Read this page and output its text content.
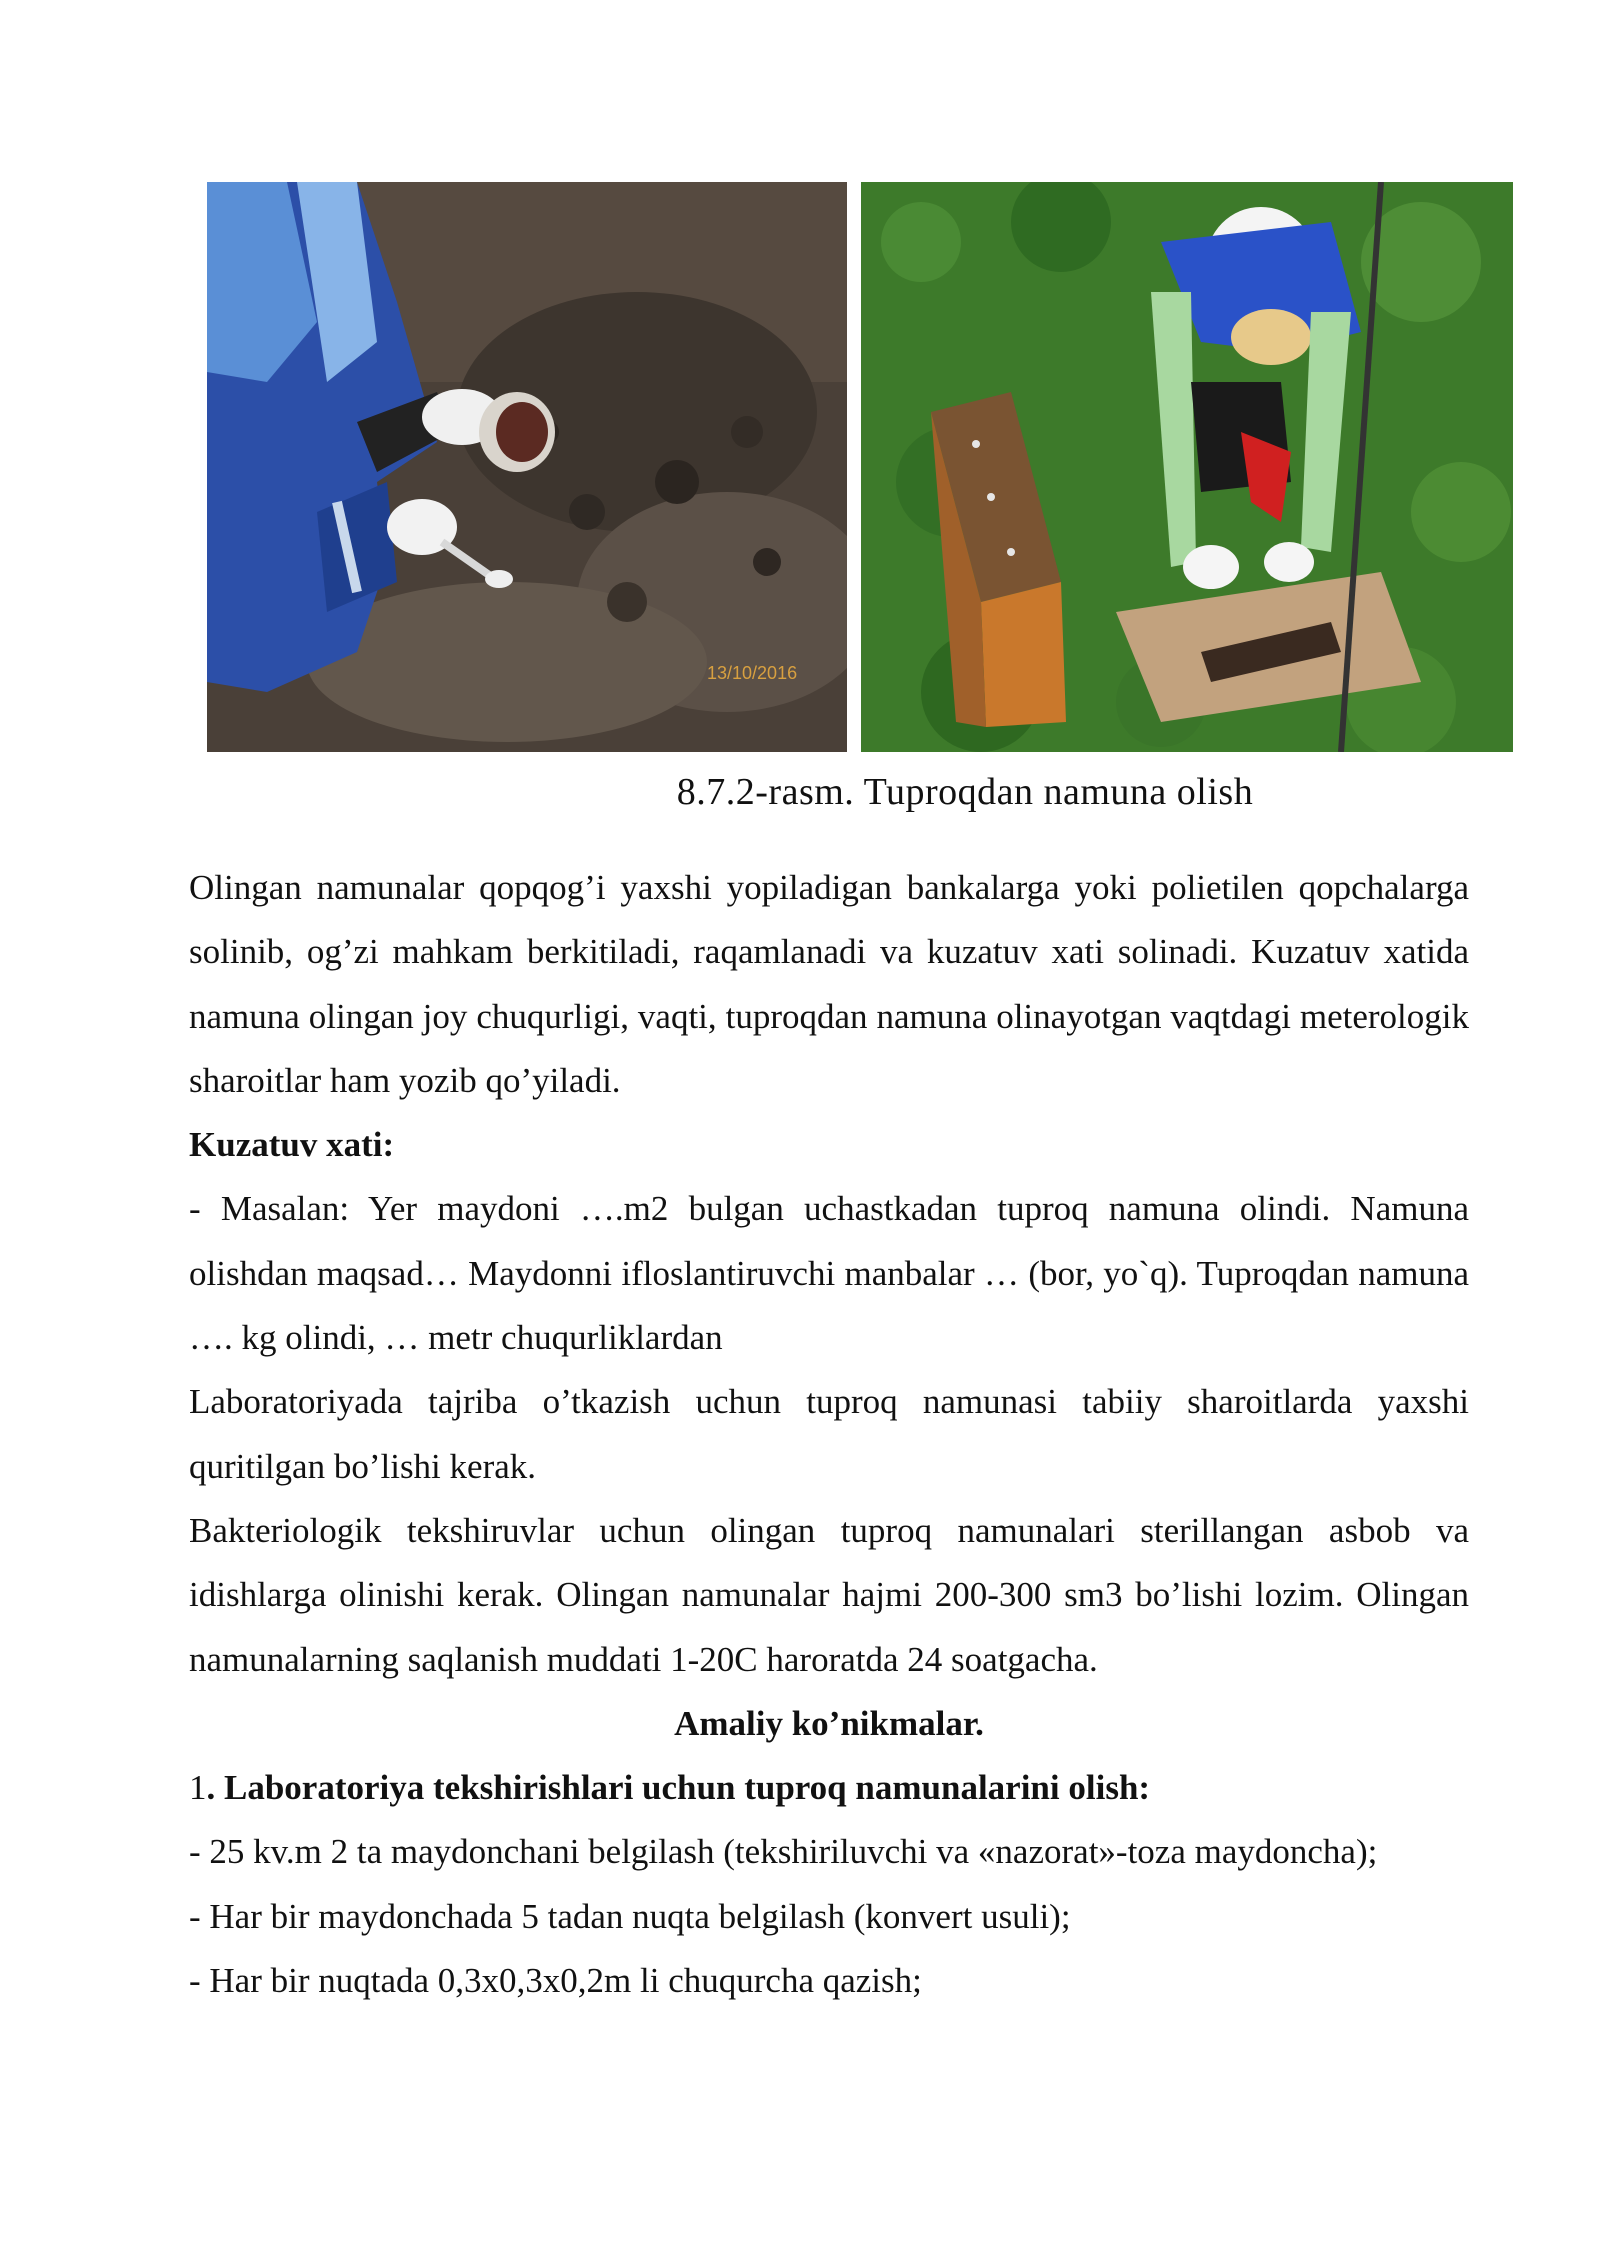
13/10/2016
8.7.2-rasm. Tuproqdan namuna olish

Olingan namunalar qopqog’i yaxshi yopiladigan bankalarga yoki polietilen qopchalarga solinib, og’zi mahkam berkitiladi, raqamlanadi va kuzatuv xati solinadi. Kuzatuv xatida namuna olingan joy chuqurligi, vaqti, tuproqdan namuna olinayotgan vaqtdagi meterologik sharoitlar ham yozib qo’yiladi.

Kuzatuv xati:

- Masalan: Yer maydoni ….m2 bulgan uchastkadan tuproq namuna olindi. Namuna olishdan maqsad… Maydonni ifloslantiruvchi manbalar … (bor, yo`q). Tuproqdan namuna …. kg olindi, … metr chuqurliklardan

Laboratoriyada tajriba o’tkazish uchun tuproq namunasi tabiiy sharoitlarda yaxshi quritilgan bo’lishi kerak.

Bakteriologik tekshiruvlar uchun olingan tuproq namunalari sterillangan asbob va idishlarga olinishi kerak. Olingan namunalar hajmi 200-300 sm3 bo’lishi lozim. Olingan namunalarning saqlanish muddati 1-20C haroratda 24 soatgacha.

Amaliy ko’nikmalar.

1. Laboratoriya tekshirishlari uchun tuproq namunalarini olish:

- 25 kv.m 2 ta maydonchani belgilash (tekshiriluvchi va «nazorat»-toza maydoncha);

- Har bir maydonchada 5 tadan nuqta belgilash (konvert usuli);

- Har bir nuqtada 0,3x0,3x0,2m li chuqurcha qazish;
